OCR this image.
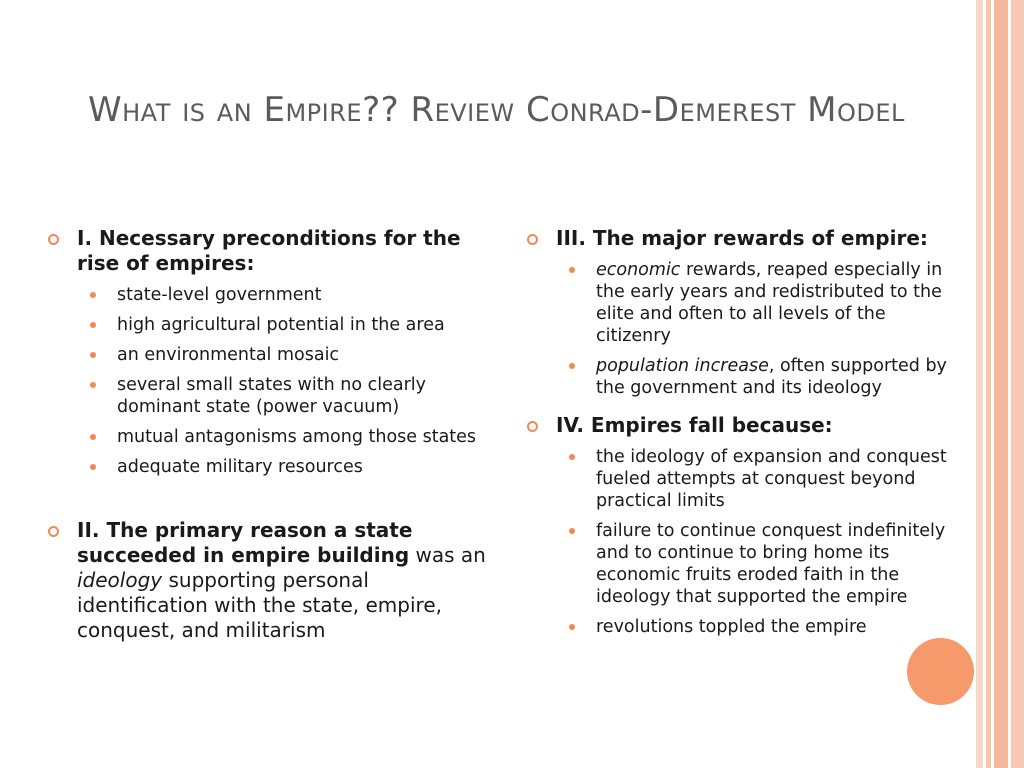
What is an Empire?? Review Conrad-Demerest Model
I. Necessary preconditions for the rise of empires:
state-level government
high agricultural potential in the area
an environmental mosaic
several small states with no clearly dominant state (power vacuum)
mutual antagonisms among those states
adequate military resources
II. The primary reason a state succeeded in empire building was an ideology supporting personal identification with the state, empire, conquest, and militarism
III. The major rewards of empire:
economic rewards, reaped especially in the early years and redistributed to the elite and often to all levels of the citizenry
population increase, often supported by the government and its ideology
IV. Empires fall because:
the ideology of expansion and conquest fueled attempts at conquest beyond practical limits
failure to continue conquest indefinitely and to continue to bring home its economic fruits eroded faith in the ideology that supported the empire
revolutions toppled the empire
